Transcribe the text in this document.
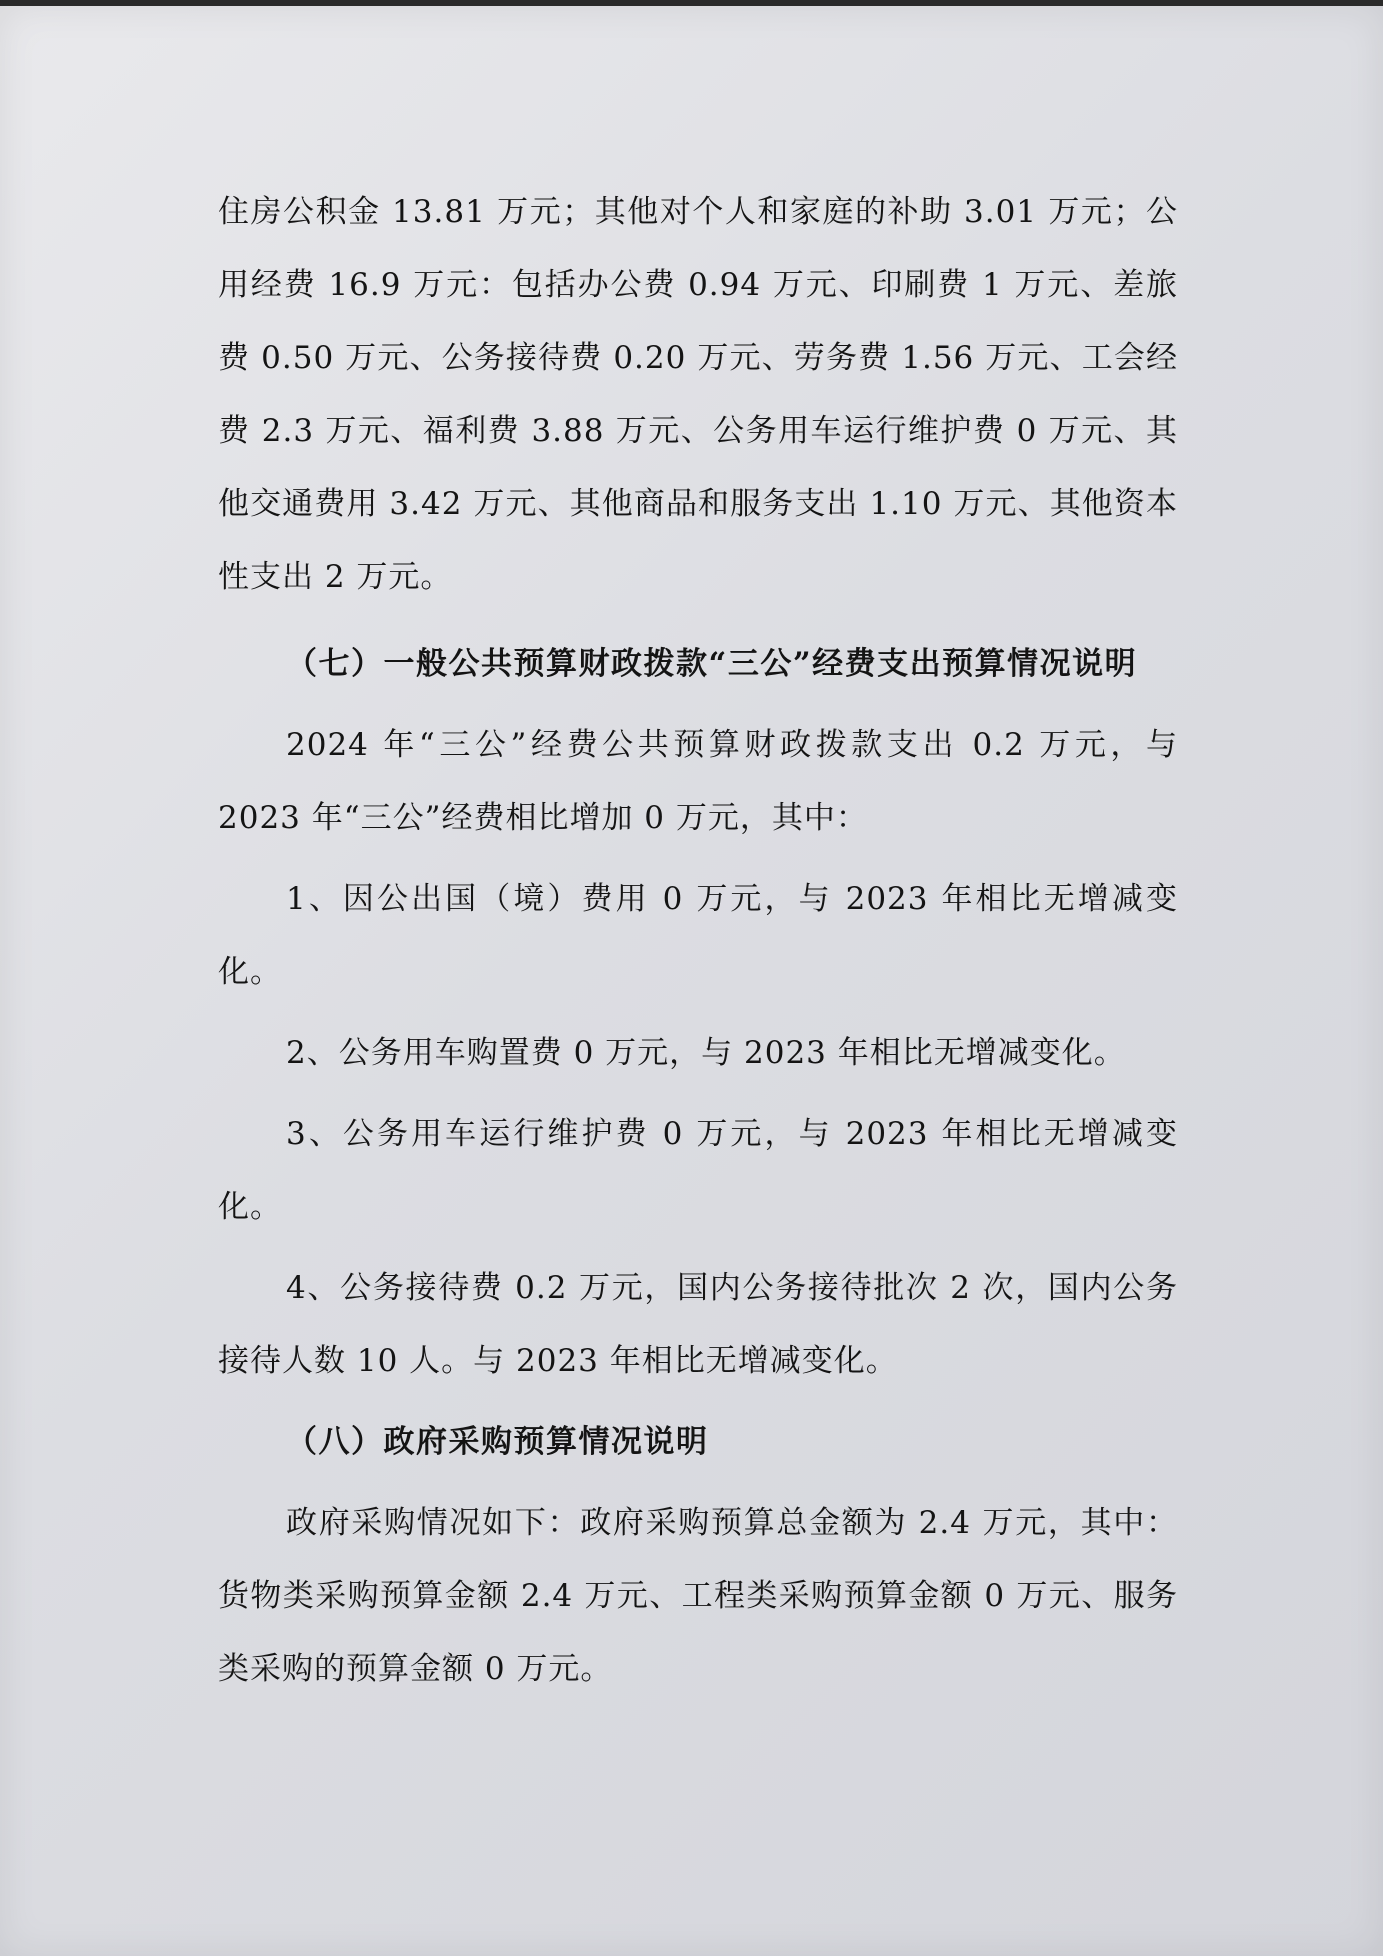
住房公积金 13.81 万元；其他对个人和家庭的补助 3.01 万元；公用经费 16.9 万元：包括办公费 0.94 万元、印刷费 1 万元、差旅费 0.50 万元、公务接待费 0.20 万元、劳务费 1.56 万元、工会经费 2.3 万元、福利费 3.88 万元、公务用车运行维护费 0 万元、其他交通费用 3.42 万元、其他商品和服务支出 1.10 万元、其他资本性支出 2 万元。

（七）一般公共预算财政拨款“三公”经费支出预算情况说明

2024 年“三公”经费公共预算财政拨款支出 0.2 万元，与 2023 年“三公”经费相比增加 0 万元，其中：

1、因公出国（境）费用 0 万元，与 2023 年相比无增减变化。

2、公务用车购置费 0 万元，与 2023 年相比无增减变化。

3、公务用车运行维护费 0 万元，与 2023 年相比无增减变化。

4、公务接待费 0.2 万元，国内公务接待批次 2 次，国内公务接待人数 10 人。与 2023 年相比无增减变化。

（八）政府采购预算情况说明

政府采购情况如下：政府采购预算总金额为 2.4 万元，其中：货物类采购预算金额 2.4 万元、工程类采购预算金额 0 万元、服务类采购的预算金额 0 万元。
